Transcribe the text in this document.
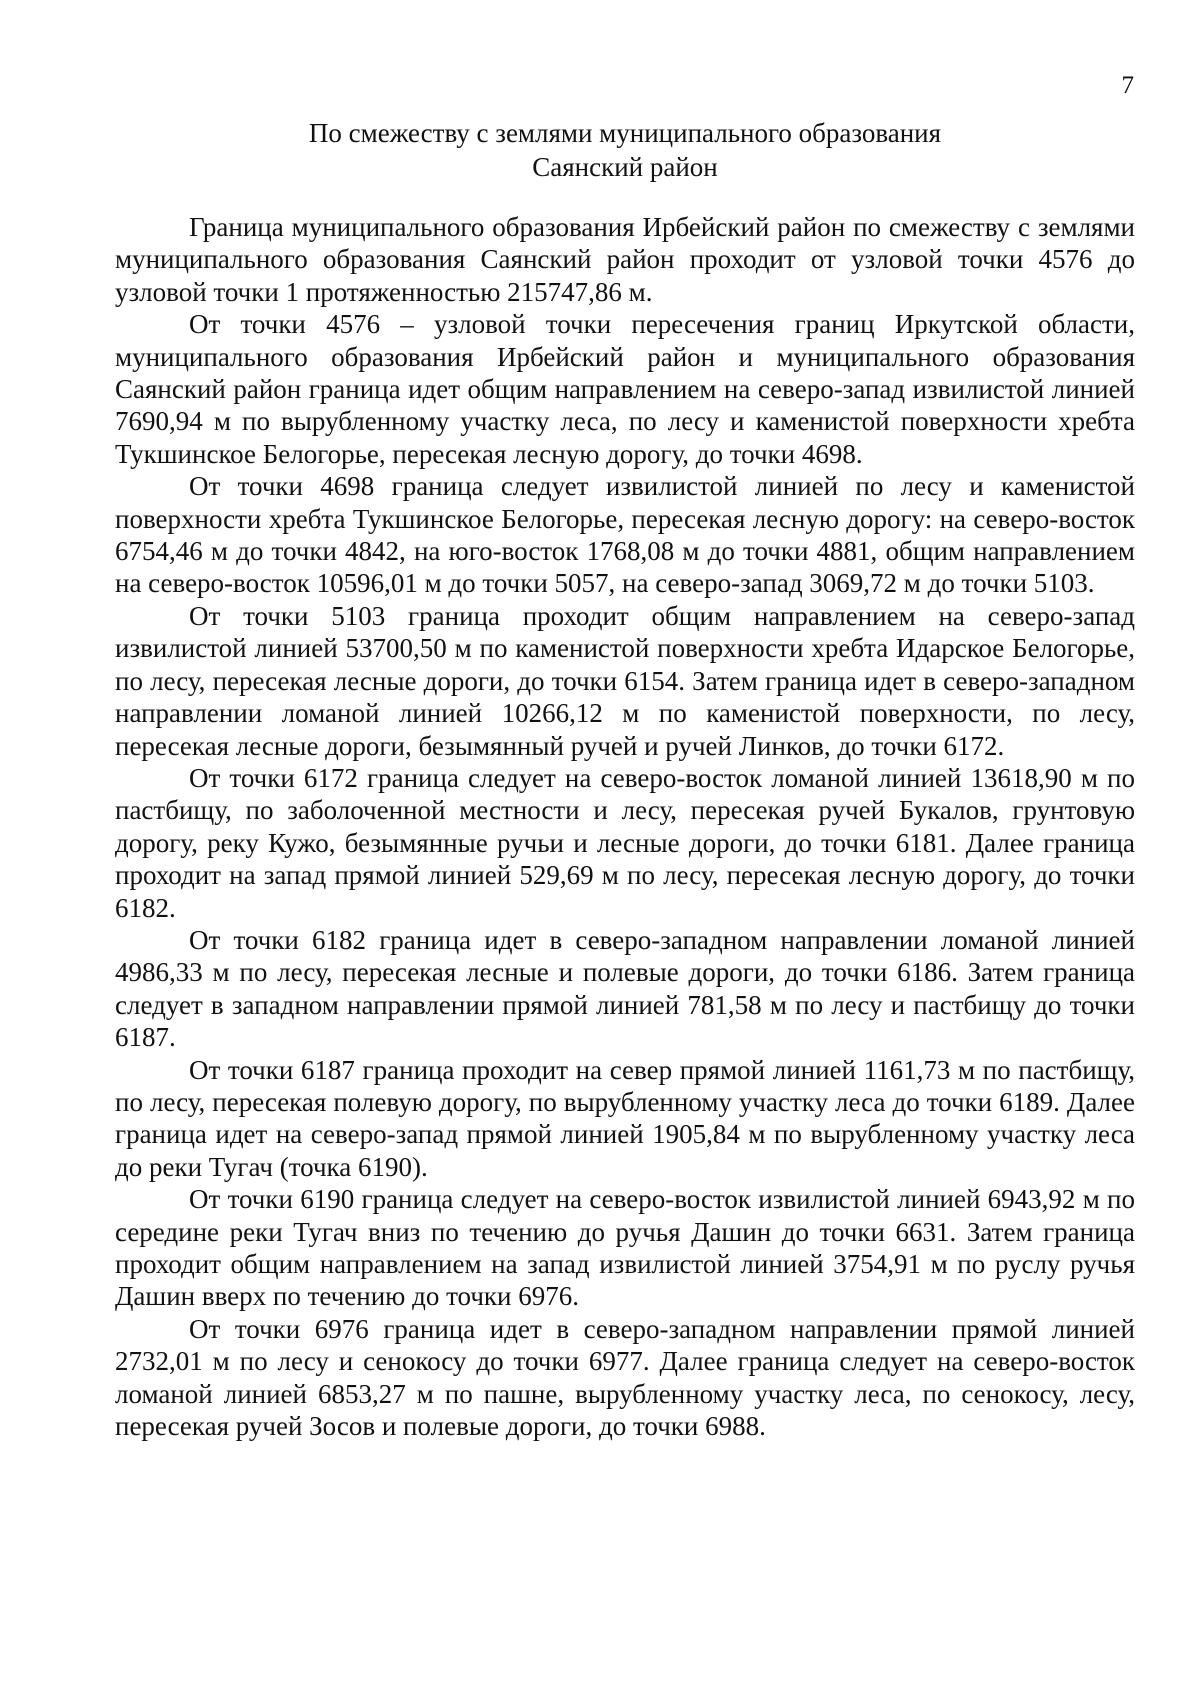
7
По смежеству с землями муниципального образования
Саянский район

Граница муниципального образования Ирбейский район по смежеству с землями муниципального образования Саянский район проходит от узловой точки 4576 до узловой точки 1 протяженностью 215747,86 м.

От точки 4576 – узловой точки пересечения границ Иркутской области, муниципального образования Ирбейский район и муниципального образования Саянский район граница идет общим направлением на северо-запад извилистой линией 7690,94 м по вырубленному участку леса, по лесу и каменистой поверхности хребта Тукшинское Белогорье, пересекая лесную дорогу, до точки 4698.

От точки 4698 граница следует извилистой линией по лесу и каменистой поверхности хребта Тукшинское Белогорье, пересекая лесную дорогу: на северо-восток 6754,46 м до точки 4842, на юго-восток 1768,08 м до точки 4881, общим направлением на северо-восток 10596,01 м до точки 5057, на северо-запад 3069,72 м до точки 5103.

От точки 5103 граница проходит общим направлением на северо-запад извилистой линией 53700,50 м по каменистой поверхности хребта Идарское Белогорье, по лесу, пересекая лесные дороги, до точки 6154. Затем граница идет в северо-западном направлении ломаной линией 10266,12 м по каменистой поверхности, по лесу, пересекая лесные дороги, безымянный ручей и ручей Линков, до точки 6172.

От точки 6172 граница следует на северо-восток ломаной линией 13618,90 м по пастбищу, по заболоченной местности и лесу, пересекая ручей Букалов, грунтовую дорогу, реку Кужо, безымянные ручьи и лесные дороги, до точки 6181. Далее граница проходит на запад прямой линией 529,69 м по лесу, пересекая лесную дорогу, до точки 6182.

От точки 6182 граница идет в северо-западном направлении ломаной линией 4986,33 м по лесу, пересекая лесные и полевые дороги, до точки 6186. Затем граница следует в западном направлении прямой линией 781,58 м по лесу и пастбищу до точки 6187.

От точки 6187 граница проходит на север прямой линией 1161,73 м по пастбищу, по лесу, пересекая полевую дорогу, по вырубленному участку леса до точки 6189. Далее граница идет на северо-запад прямой линией 1905,84 м по вырубленному участку леса до реки Тугач (точка 6190).

От точки 6190 граница следует на северо-восток извилистой линией 6943,92 м по середине реки Тугач вниз по течению до ручья Дашин до точки 6631. Затем граница проходит общим направлением на запад извилистой линией 3754,91 м по руслу ручья Дашин вверх по течению до точки 6976.

От точки 6976 граница идет в северо-западном направлении прямой линией 2732,01 м по лесу и сенокосу до точки 6977. Далее граница следует на северо-восток ломаной линией 6853,27 м по пашне, вырубленному участку леса, по сенокосу, лесу, пересекая ручей Зосов и полевые дороги, до точки 6988.
